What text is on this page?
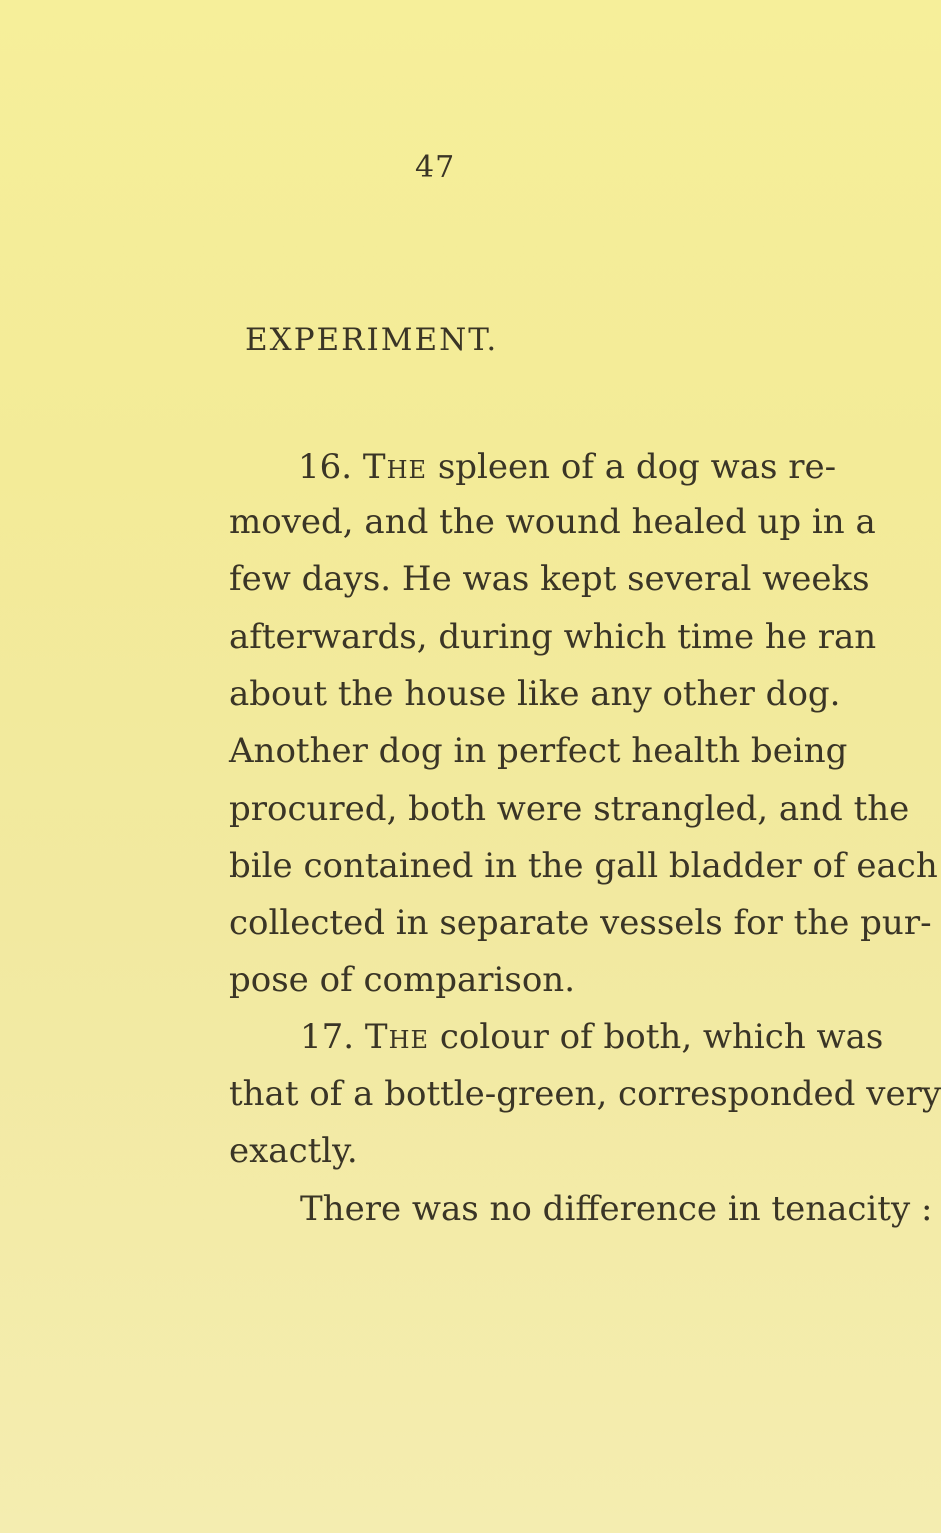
47
EXPERIMENT.
16. The spleen of a dog was re-
moved, and the wound healed up in a
few days. He was kept several weeks
afterwards, during which time he ran
about the house like any other dog.
Another dog in perfect health being
procured, both were strangled, and the
bile contained in the gall bladder of each
collected in separate vessels for the pur-
pose of comparison.
17. The colour of both, which was
that of a bottle-green, corresponded very
exactly.
There was no difference in tenacity :
